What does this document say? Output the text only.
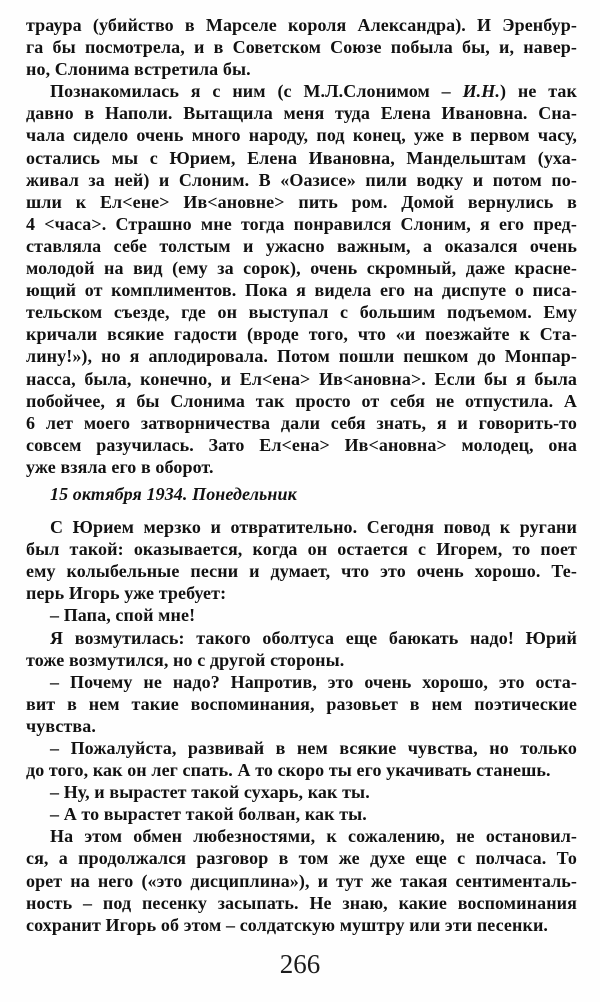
траура (убийство в Марселе короля Александра). И Эренбур-
га бы посмотрела, и в Советском Союзе побыла бы, и, навер-
но, Слонима встретила бы.
Познакомилась я с ним (с М.Л.Слонимом – И.Н.) не так
давно в Наполи. Вытащила меня туда Елена Ивановна. Сна-
чала сидело очень много народу, под конец, уже в первом часу,
остались мы с Юрием, Елена Ивановна, Мандельштам (уха-
живал за ней) и Слоним. В «Оазисе» пили водку и потом по-
шли к Ел<ене> Ив<ановне> пить ром. Домой вернулись в
4 <часа>. Страшно мне тогда понравился Слоним, я его пред-
ставляла себе толстым и ужасно важным, а оказался очень
молодой на вид (ему за сорок), очень скромный, даже красне-
ющий от комплиментов. Пока я видела его на диспуте о писа-
тельском съезде, где он выступал с большим подъемом. Ему
кричали всякие гадости (вроде того, что «и поезжайте к Ста-
лину!»), но я аплодировала. Потом пошли пешком до Монпар-
насса, была, конечно, и Ел<ена> Ив<ановна>. Если бы я была
побойчее, я бы Слонима так просто от себя не отпустила. А
6 лет моего затворничества дали себя знать, я и говорить-то
совсем разучилась. Зато Ел<ена> Ив<ановна> молодец, она
уже взяла его в оборот.
15 октября 1934. Понедельник
С Юрием мерзко и отвратительно. Сегодня повод к ругани
был такой: оказывается, когда он остается с Игорем, то поет
ему колыбельные песни и думает, что это очень хорошо. Те-
перь Игорь уже требует:
– Папа, спой мне!
Я возмутилась: такого оболтуса еще баюкать надо! Юрий
тоже возмутился, но с другой стороны.
– Почему не надо? Напротив, это очень хорошо, это оста-
вит в нем такие воспоминания, разовьет в нем поэтические
чувства.
– Пожалуйста, развивай в нем всякие чувства, но только
до того, как он лег спать. А то скоро ты его укачивать станешь.
– Ну, и вырастет такой сухарь, как ты.
– А то вырастет такой болван, как ты.
На этом обмен любезностями, к сожалению, не остановил-
ся, а продолжался разговор в том же духе еще с полчаса. То
орет на него («это дисциплина»), и тут же такая сентименталь-
ность – под песенку засыпать. Не знаю, какие воспоминания
сохранит Игорь об этом – солдатскую муштру или эти песенки.
266
